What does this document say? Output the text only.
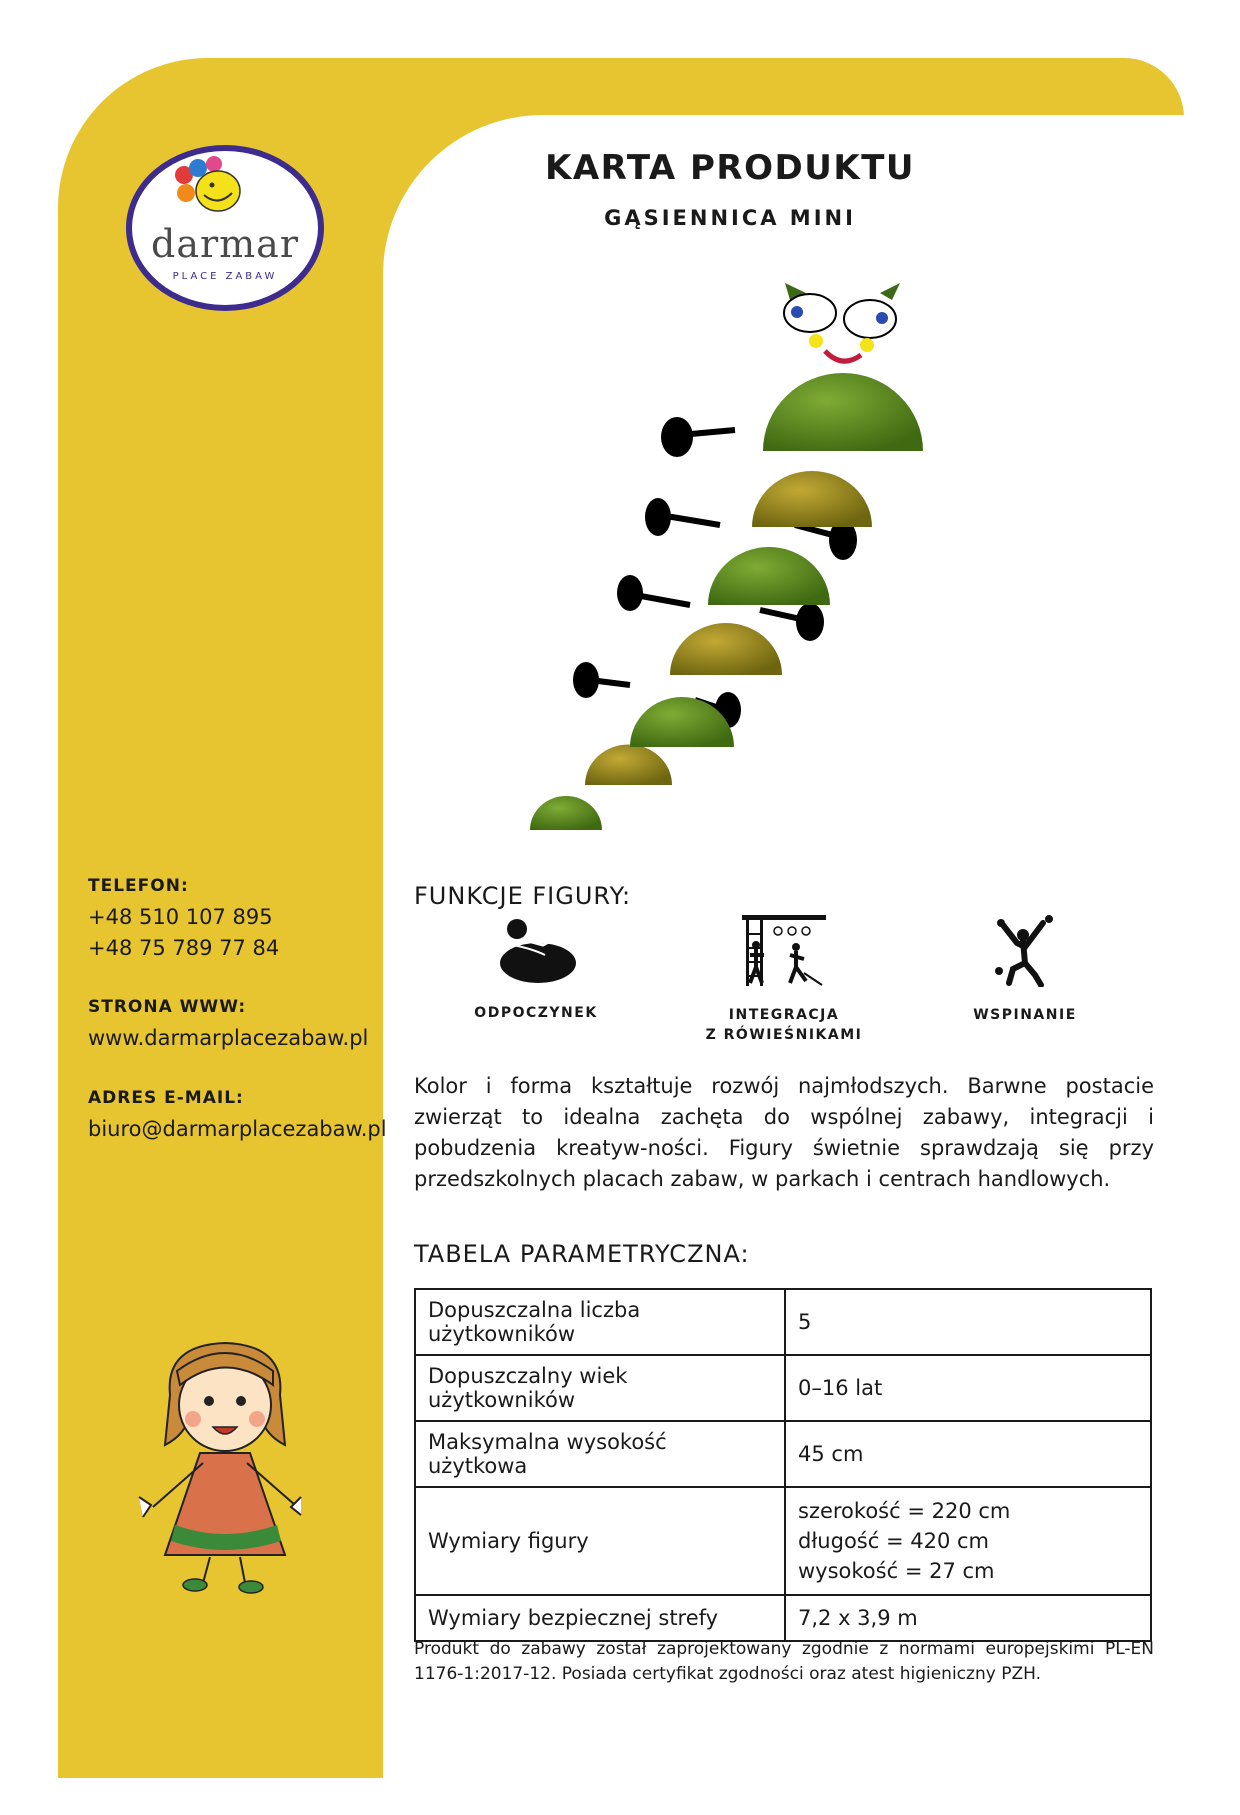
darmar
PLACE ZABAW
TELEFON:
+48 510 107 895
+48 75 789 77 84
STRONA WWW:
www.darmarplacezabaw.pl
ADRES E-MAIL:
biuro@darmarplacezabaw.pl
KARTA PRODUKTU
GĄSIENNICA MINI
FUNKCJE FIGURY:
ODPOCZYNEK	INTEGRACJA
Z RÓWIEŚNIKAMI
WSPINANIE
Kolor i forma kształtuje rozwój najmłodszych. Barwne postacie zwierząt to idealna zachęta do wspólnej zabawy, integracji i pobudzenia kreatyw-ności. Figury świetnie sprawdzają się przy przedszkolnych placach zabaw, w parkach i centrach handlowych.
TABELA PARAMETRYCZNA:
Dopuszczalna liczba użytkowników	5
Dopuszczalny wiek użytkowników	0–16 lat
Maksymalna wysokość użytkowa	45 cm
Wymiary figury	szerokość = 220 cm
długość = 420 cm
wysokość = 27 cm

Wymiary bezpiecznej strefy	7,2 x 3,9 m
Produkt do zabawy został zaprojektowany zgodnie z normami europejskimi PL-EN 1176-1:2017-12. Posiada certyfikat zgodności oraz atest higieniczny PZH.
